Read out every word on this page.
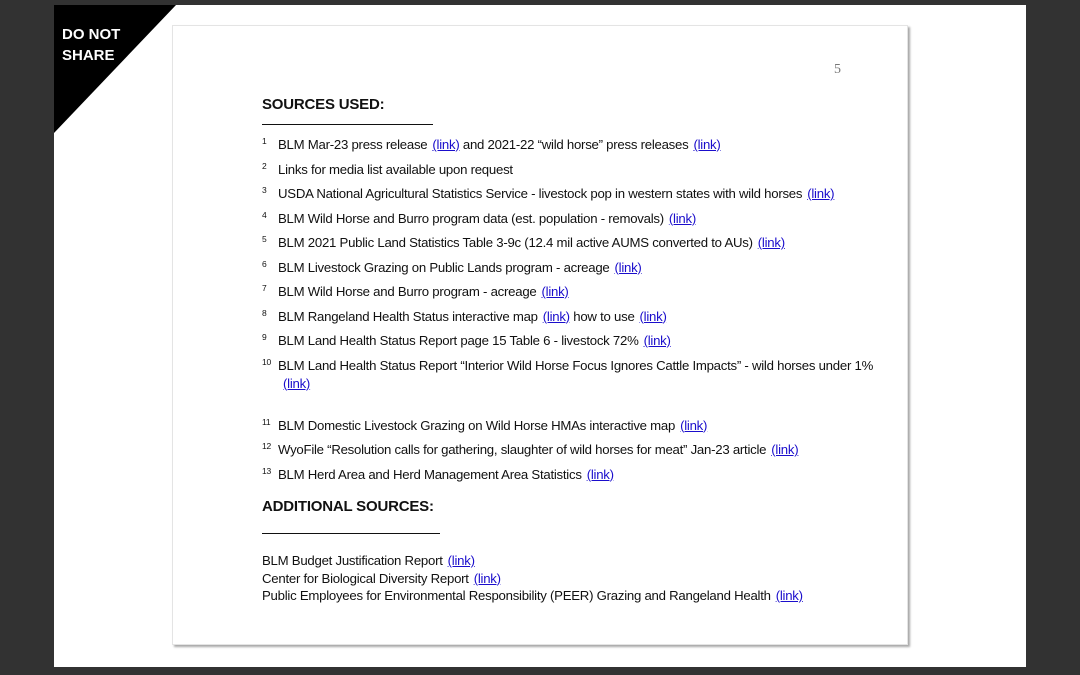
DO NOT
SHARE
5
SOURCES USED:
1 BLM Mar-23 press release (link) and 2021-22 “wild horse” press releases (link)
2 Links for media list available upon request
3 USDA National Agricultural Statistics Service - livestock pop in western states with wild horses (link)
4 BLM Wild Horse and Burro program data (est. population - removals) (link)
5 BLM 2021 Public Land Statistics Table 3-9c (12.4 mil active AUMS converted to AUs) (link)
6 BLM Livestock Grazing on Public Lands program - acreage (link)
7 BLM Wild Horse and Burro program - acreage (link)
8 BLM Rangeland Health Status interactive map (link) how to use (link)
9 BLM Land Health Status Report page 15 Table 6 - livestock 72% (link)
10 BLM Land Health Status Report “Interior Wild Horse Focus Ignores Cattle Impacts” - wild horses under 1%(link)
11 BLM Domestic Livestock Grazing on Wild Horse HMAs interactive map (link)
12 WyoFile “Resolution calls for gathering, slaughter of wild horses for meat” Jan-23 article (link)
13 BLM Herd Area and Herd Management Area Statistics (link)
ADDITIONAL SOURCES:
BLM Budget Justification Report (link)
Center for Biological Diversity Report (link)
Public Employees for Environmental Responsibility (PEER) Grazing and Rangeland Health (link)
